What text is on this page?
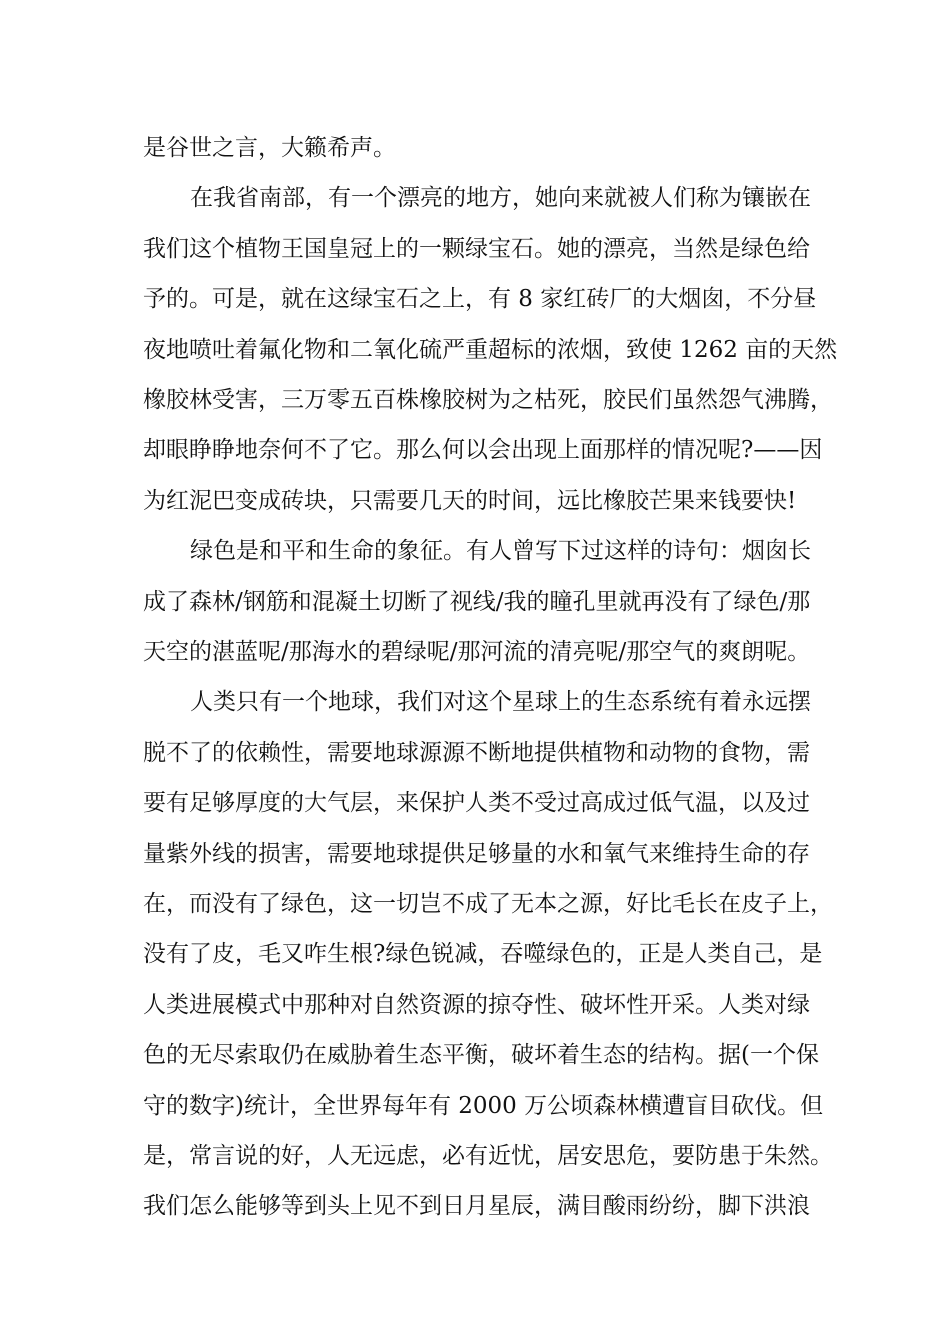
是谷世之言，大籁希声。
在我省南部，有一个漂亮的地方，她向来就被人们称为镶嵌在
我们这个植物王国皇冠上的一颗绿宝石。她的漂亮，当然是绿色给
予的。可是，就在这绿宝石之上，有 8 家红砖厂的大烟囱，不分昼
夜地喷吐着氟化物和二氧化硫严重超标的浓烟，致使 1262 亩的天然
橡胶林受害，三万零五百株橡胶树为之枯死，胶民们虽然怨气沸腾，
却眼睁睁地奈何不了它。那么何以会出现上面那样的情况呢?——因
为红泥巴变成砖块，只需要几天的时间，远比橡胶芒果来钱要快!
绿色是和平和生命的象征。有人曾写下过这样的诗句：烟囱长
成了森林/钢筋和混凝土切断了视线/我的瞳孔里就再没有了绿色/那
天空的湛蓝呢/那海水的碧绿呢/那河流的清亮呢/那空气的爽朗呢。
人类只有一个地球，我们对这个星球上的生态系统有着永远摆
脱不了的依赖性，需要地球源源不断地提供植物和动物的食物，需
要有足够厚度的大气层，来保护人类不受过高成过低气温，以及过
量紫外线的损害，需要地球提供足够量的水和氧气来维持生命的存
在，而没有了绿色，这一切岂不成了无本之源，好比毛长在皮子上，
没有了皮，毛又咋生根?绿色锐减，吞噬绿色的，正是人类自己，是
人类进展模式中那种对自然资源的掠夺性、破坏性开采。人类对绿
色的无尽索取仍在威胁着生态平衡，破坏着生态的结构。据(一个保
守的数字)统计，全世界每年有 2000 万公顷森林横遭盲目砍伐。但
是，常言说的好，人无远虑，必有近忧，居安思危，要防患于朱然。
我们怎么能够等到头上见不到日月星辰，满目酸雨纷纷，脚下洪浪
